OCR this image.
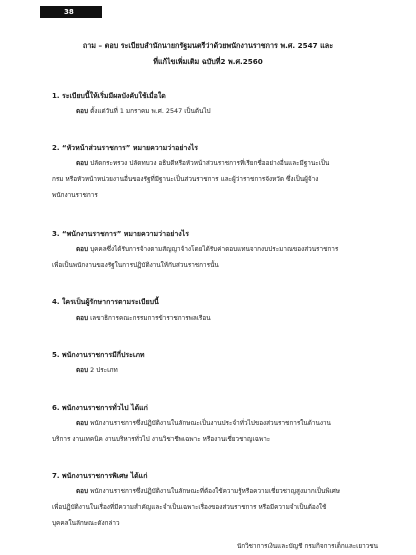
38
ถาม – ตอบ ระเบียบสำนักนายกรัฐมนตรีว่าด้วยพนักงานราชการ พ.ศ. 2547 และ
ที่แก้ไขเพิ่มเติม ฉบับที่2 พ.ศ.2560
1. ระเบียบนี้ให้เริ่มมีผลบังคับใช้เมื่อใด
ตอบ ตั้งแต่วันที่ 1 มกราคม พ.ศ. 2547 เป็นต้นไป
2. “หัวหน้าส่วนราชการ” หมายความว่าอย่างไร
ตอบ ปลัดกระทรวง ปลัดทบวง อธิบดีหรือหัวหน้าส่วนราชการที่เรียกชื่ออย่างอื่นและมีฐานะเป็น
กรม หรือหัวหน้าหน่วยงานอื่นของรัฐที่มีฐานะเป็นส่วนราชการ และผู้ว่าราชการจังหวัด ซึ่งเป็นผู้จ้าง
พนักงานราชการ
3. “พนักงานราชการ” หมายความว่าอย่างไร
ตอบ บุคคลซึ่งได้รับการจ้างตามสัญญาจ้างโดยได้รับค่าตอบแทนจากงบประมาณของส่วนราชการ
เพื่อเป็นพนักงานของรัฐในการปฏิบัติงานให้กับส่วนราชการนั้น
4. ใครเป็นผู้รักษาการตามระเบียบนี้
ตอบ เลขาธิการคณะกรรมการข้าราชการพลเรือน
5. พนักงานราชการมีกี่ประเภท
ตอบ 2 ประเภท
6. พนักงานราชการทั่วไป ได้แก่
ตอบ พนักงานราชการซึ่งปฏิบัติงานในลักษณะเป็นงานประจำทั่วไปของส่วนราชการในด้านงาน
บริการ งานเทคนิค งานบริหารทั่วไป งานวิชาชีพเฉพาะ หรืองานเชี่ยวชาญเฉพาะ
7. พนักงานราชการพิเศษ ได้แก่
ตอบ พนักงานราชการซึ่งปฏิบัติงานในลักษณะที่ต้องใช้ความรู้หรือความเชี่ยวชาญสูงมากเป็นพิเศษ
เพื่อปฏิบัติงานในเรื่องที่มีความสำคัญและจำเป็นเฉพาะเรื่องของส่วนราชการ หรือมีความจำเป็นต้องใช้
บุคคลในลักษณะดังกล่าว
นักวิชาการเงินและบัญชี กรมกิจการเด็กและเยาวชน
